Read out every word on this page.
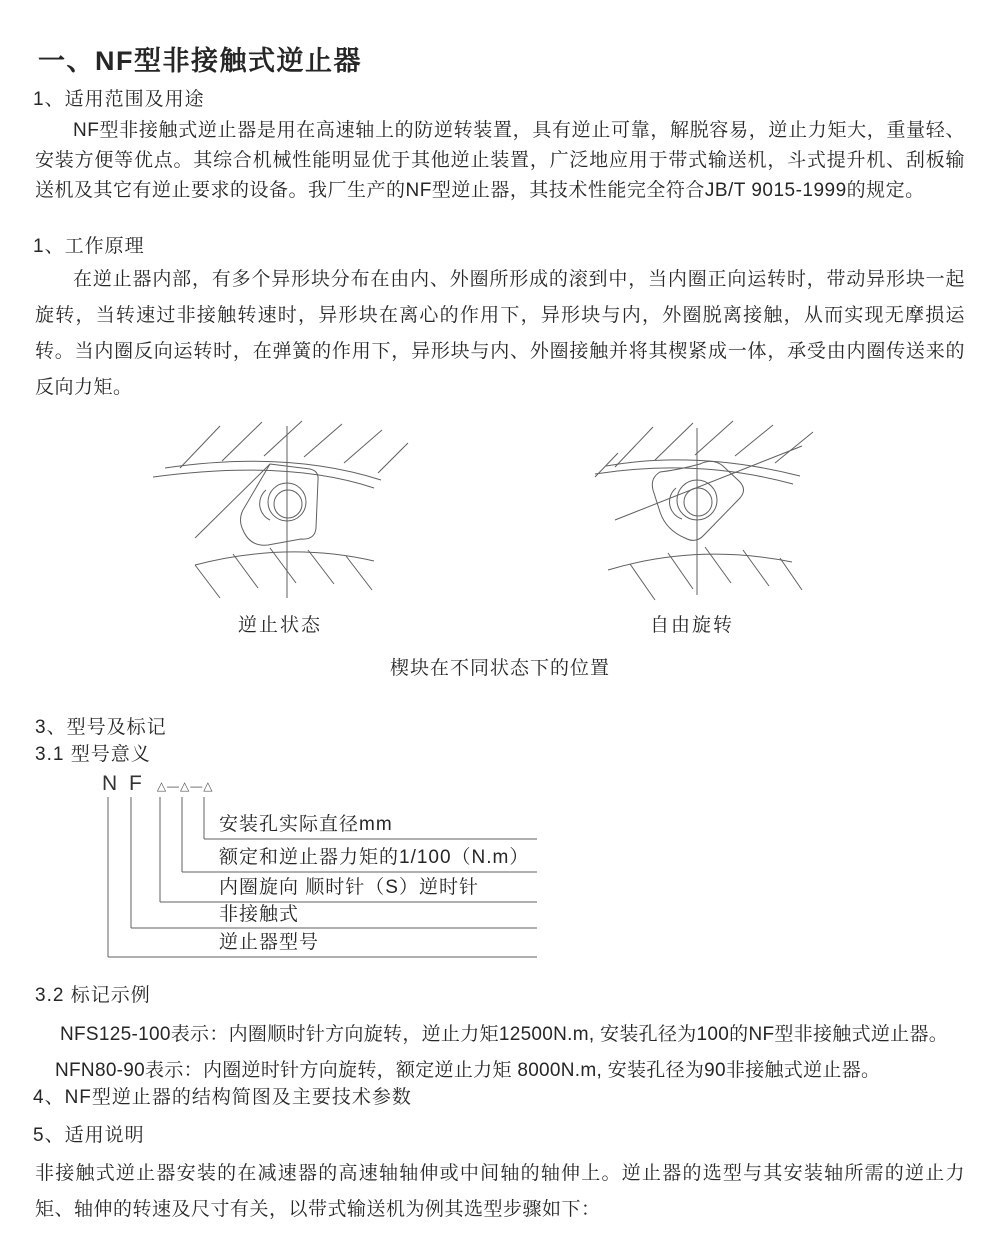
一、NF型非接触式逆止器
1、适用范围及用途
NF型非接触式逆止器是用在高速轴上的防逆转装置，具有逆止可靠，解脱容易，逆止力矩大，重量轻、安装方便等优点。其综合机械性能明显优于其他逆止装置，广泛地应用于带式输送机，斗式提升机、刮板输送机及其它有逆止要求的设备。我厂生产的NF型逆止器，其技术性能完全符合JB/T 9015-1999的规定。
1、工作原理
在逆止器内部，有多个异形块分布在由内、外圈所形成的滚到中，当内圈正向运转时，带动异形块一起旋转，当转速过非接触转速时，异形块在离心的作用下，异形块与内，外圈脱离接触，从而实现无摩损运转。当内圈反向运转时，在弹簧的作用下，异形块与内、外圈接触并将其楔紧成一体，承受由内圈传送来的反向力矩。
逆止状态	自由旋转
楔块在不同状态下的位置
3、型号及标记
3.1 型号意义
N F △—△—△
安装孔实际直径mm
额定和逆止器力矩的1/100（N.m）
内圈旋向 顺时针（S）逆时针
非接触式
逆止器型号
3.2 标记示例
NFS125-100表示：内圈顺时针方向旋转，逆止力矩12500N.m, 安装孔径为100的NF型非接触式逆止器。
NFN80-90表示：内圈逆时针方向旋转，额定逆止力矩 8000N.m, 安装孔径为90非接触式逆止器。
4、NF型逆止器的结构简图及主要技术参数
5、适用说明
非接触式逆止器安装的在减速器的高速轴轴伸或中间轴的轴伸上。逆止器的选型与其安装轴所需的逆止力矩、轴伸的转速及尺寸有关，以带式输送机为例其选型步骤如下：
